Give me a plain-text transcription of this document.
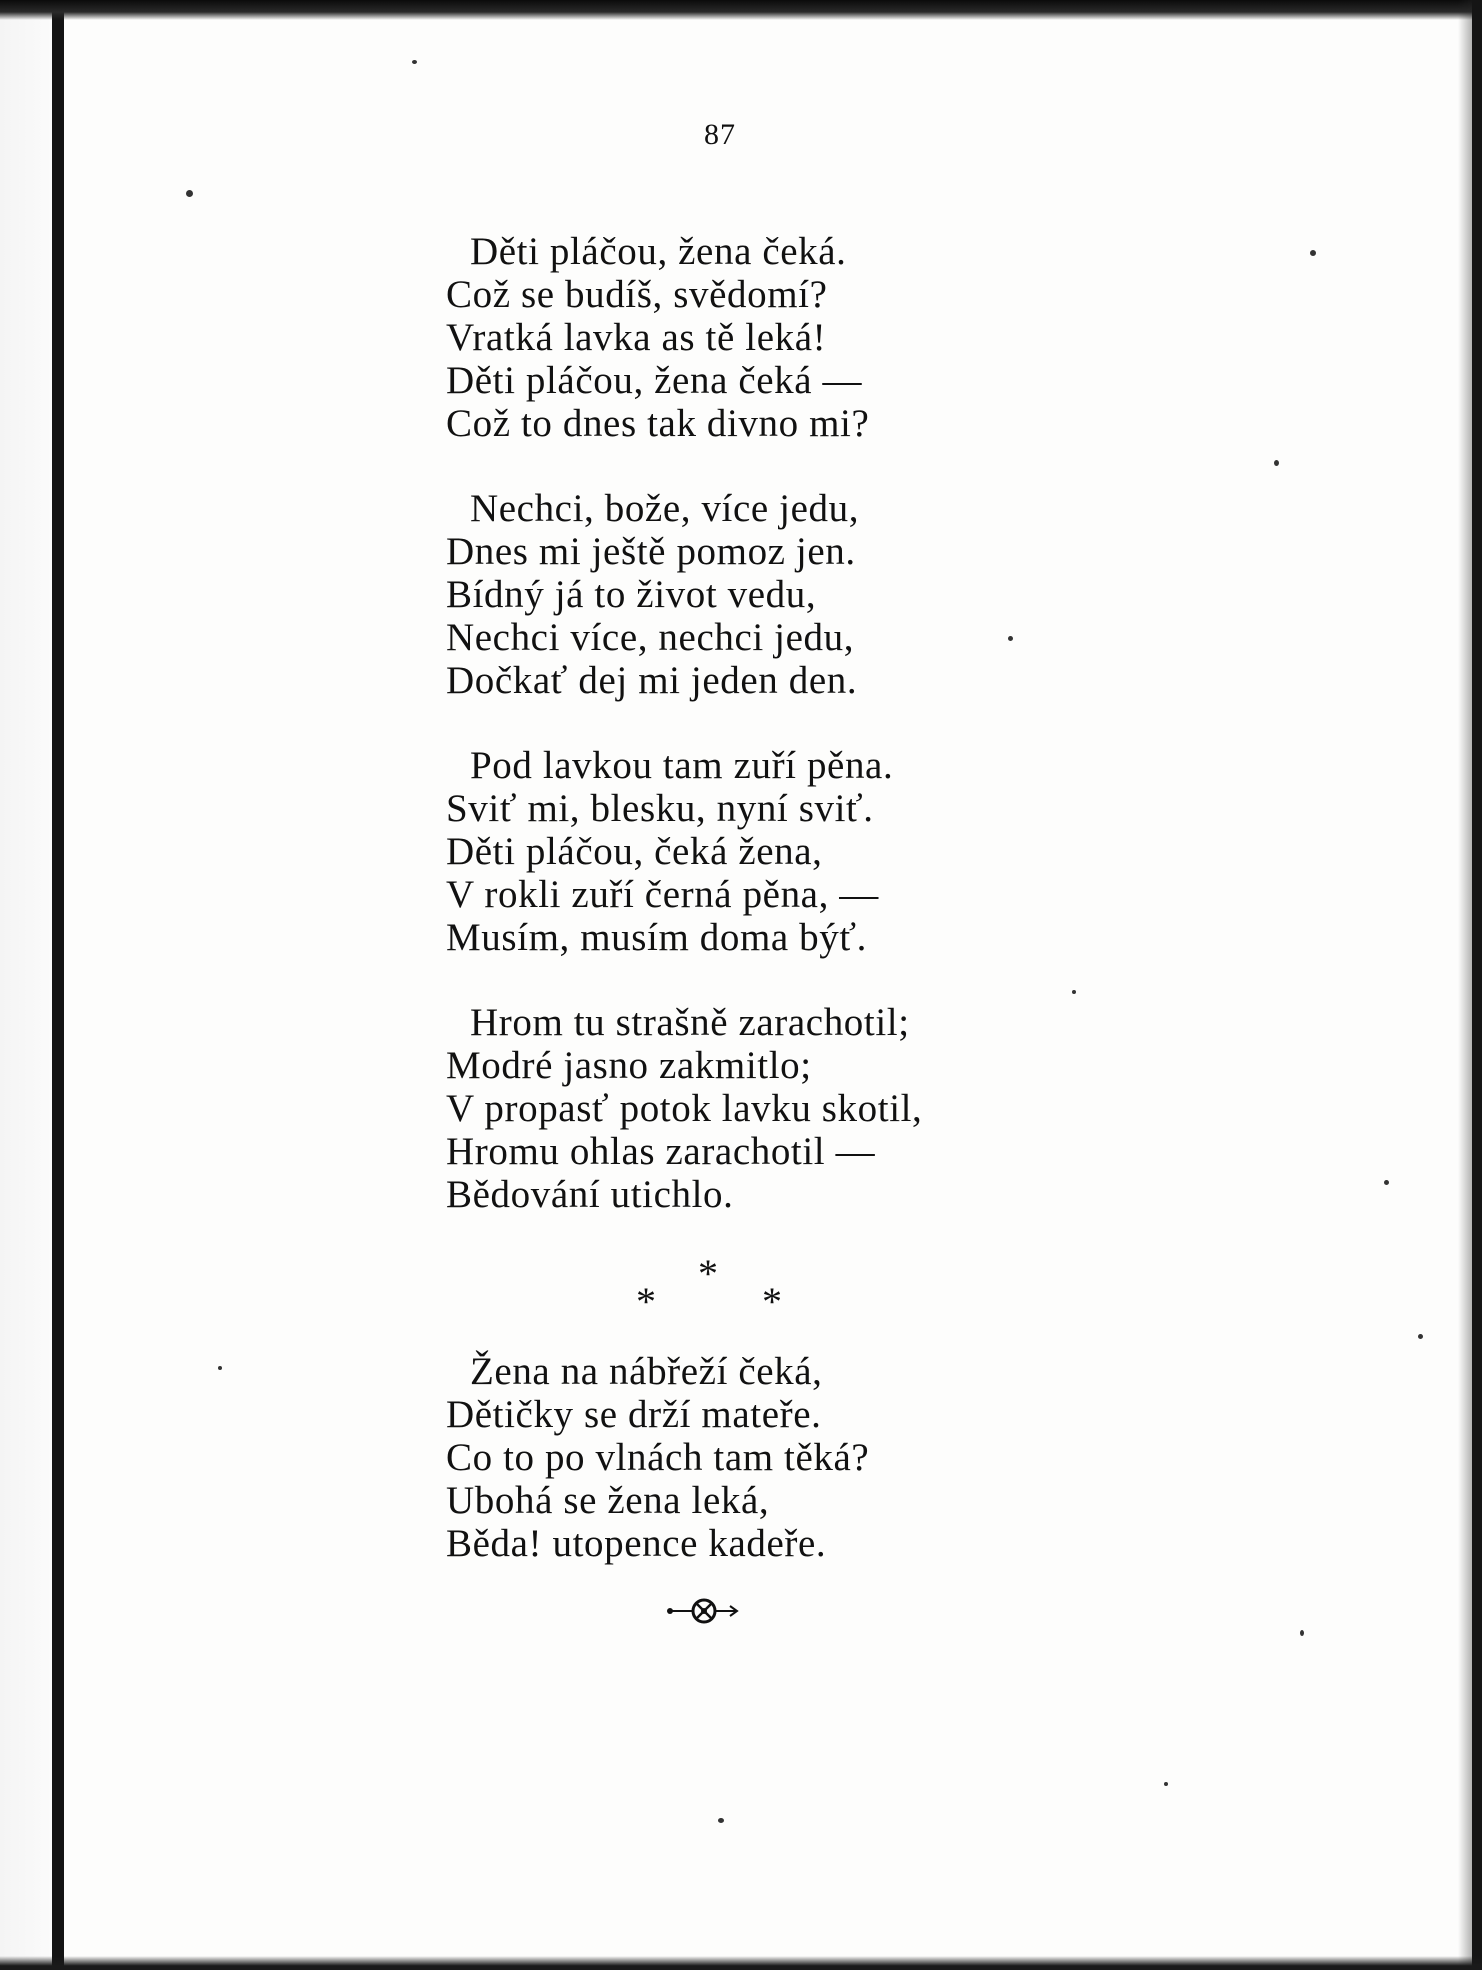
87
Děti pláčou, žena čeká.
Což se budíš, svědomí?
Vratká lavka as tě leká!
Děti pláčou, žena čeká —
Což to dnes tak divno mi?
Nechci, bože, více jedu,
Dnes mi ještě pomoz jen.
Bídný já to život vedu,
Nechci více, nechci jedu,
Dočkať dej mi jeden den.
Pod lavkou tam zuří pěna.
Sviť mi, blesku, nyní sviť.
Děti pláčou, čeká žena,
V rokli zuří černá pěna, —
Musím, musím doma býť.
Hrom tu strašně zarachotil;
Modré jasno zakmitlo;
V propasť potok lavku skotil,
Hromu ohlas zarachotil —
Bědování utichlo.
*
*	*
Žena na nábřeží čeká,
Dětičky se drží mateře.
Co to po vlnách tam těká?
Ubohá se žena leká,
Běda! utopence kadeře.
